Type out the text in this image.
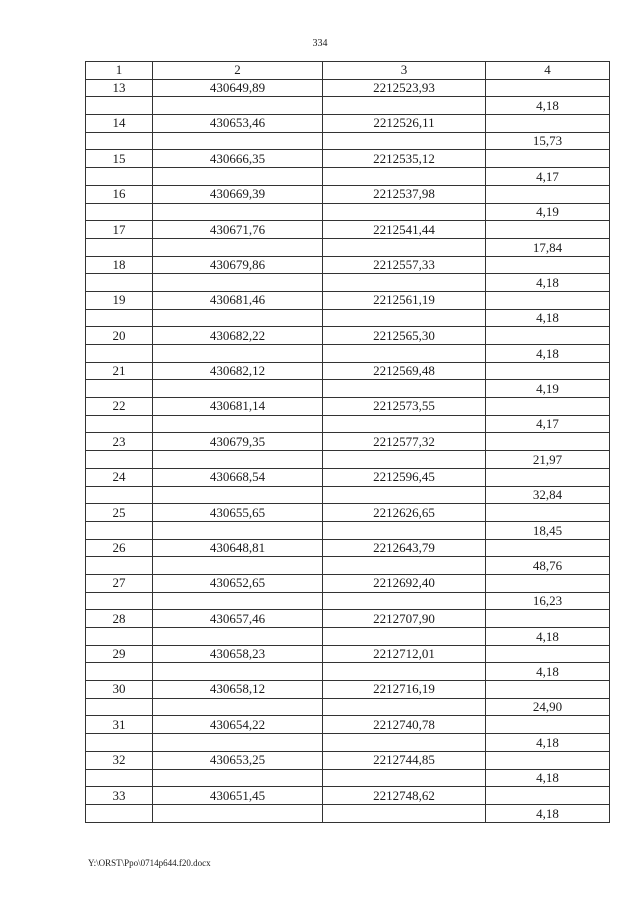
334
1	2	3	4
13	430649,89	2212523,93	
			4,18
14	430653,46	2212526,11	
			15,73
15	430666,35	2212535,12	
			4,17
16	430669,39	2212537,98	
			4,19
17	430671,76	2212541,44	
			17,84
18	430679,86	2212557,33	
			4,18
19	430681,46	2212561,19	
			4,18
20	430682,22	2212565,30	
			4,18
21	430682,12	2212569,48	
			4,19
22	430681,14	2212573,55	
			4,17
23	430679,35	2212577,32	
			21,97
24	430668,54	2212596,45	
			32,84
25	430655,65	2212626,65	
			18,45
26	430648,81	2212643,79	
			48,76
27	430652,65	2212692,40	
			16,23
28	430657,46	2212707,90	
			4,18
29	430658,23	2212712,01	
			4,18
30	430658,12	2212716,19	
			24,90
31	430654,22	2212740,78	
			4,18
32	430653,25	2212744,85	
			4,18
33	430651,45	2212748,62	
			4,18
Y:\ORST\Ppo\0714p644.f20.docx
